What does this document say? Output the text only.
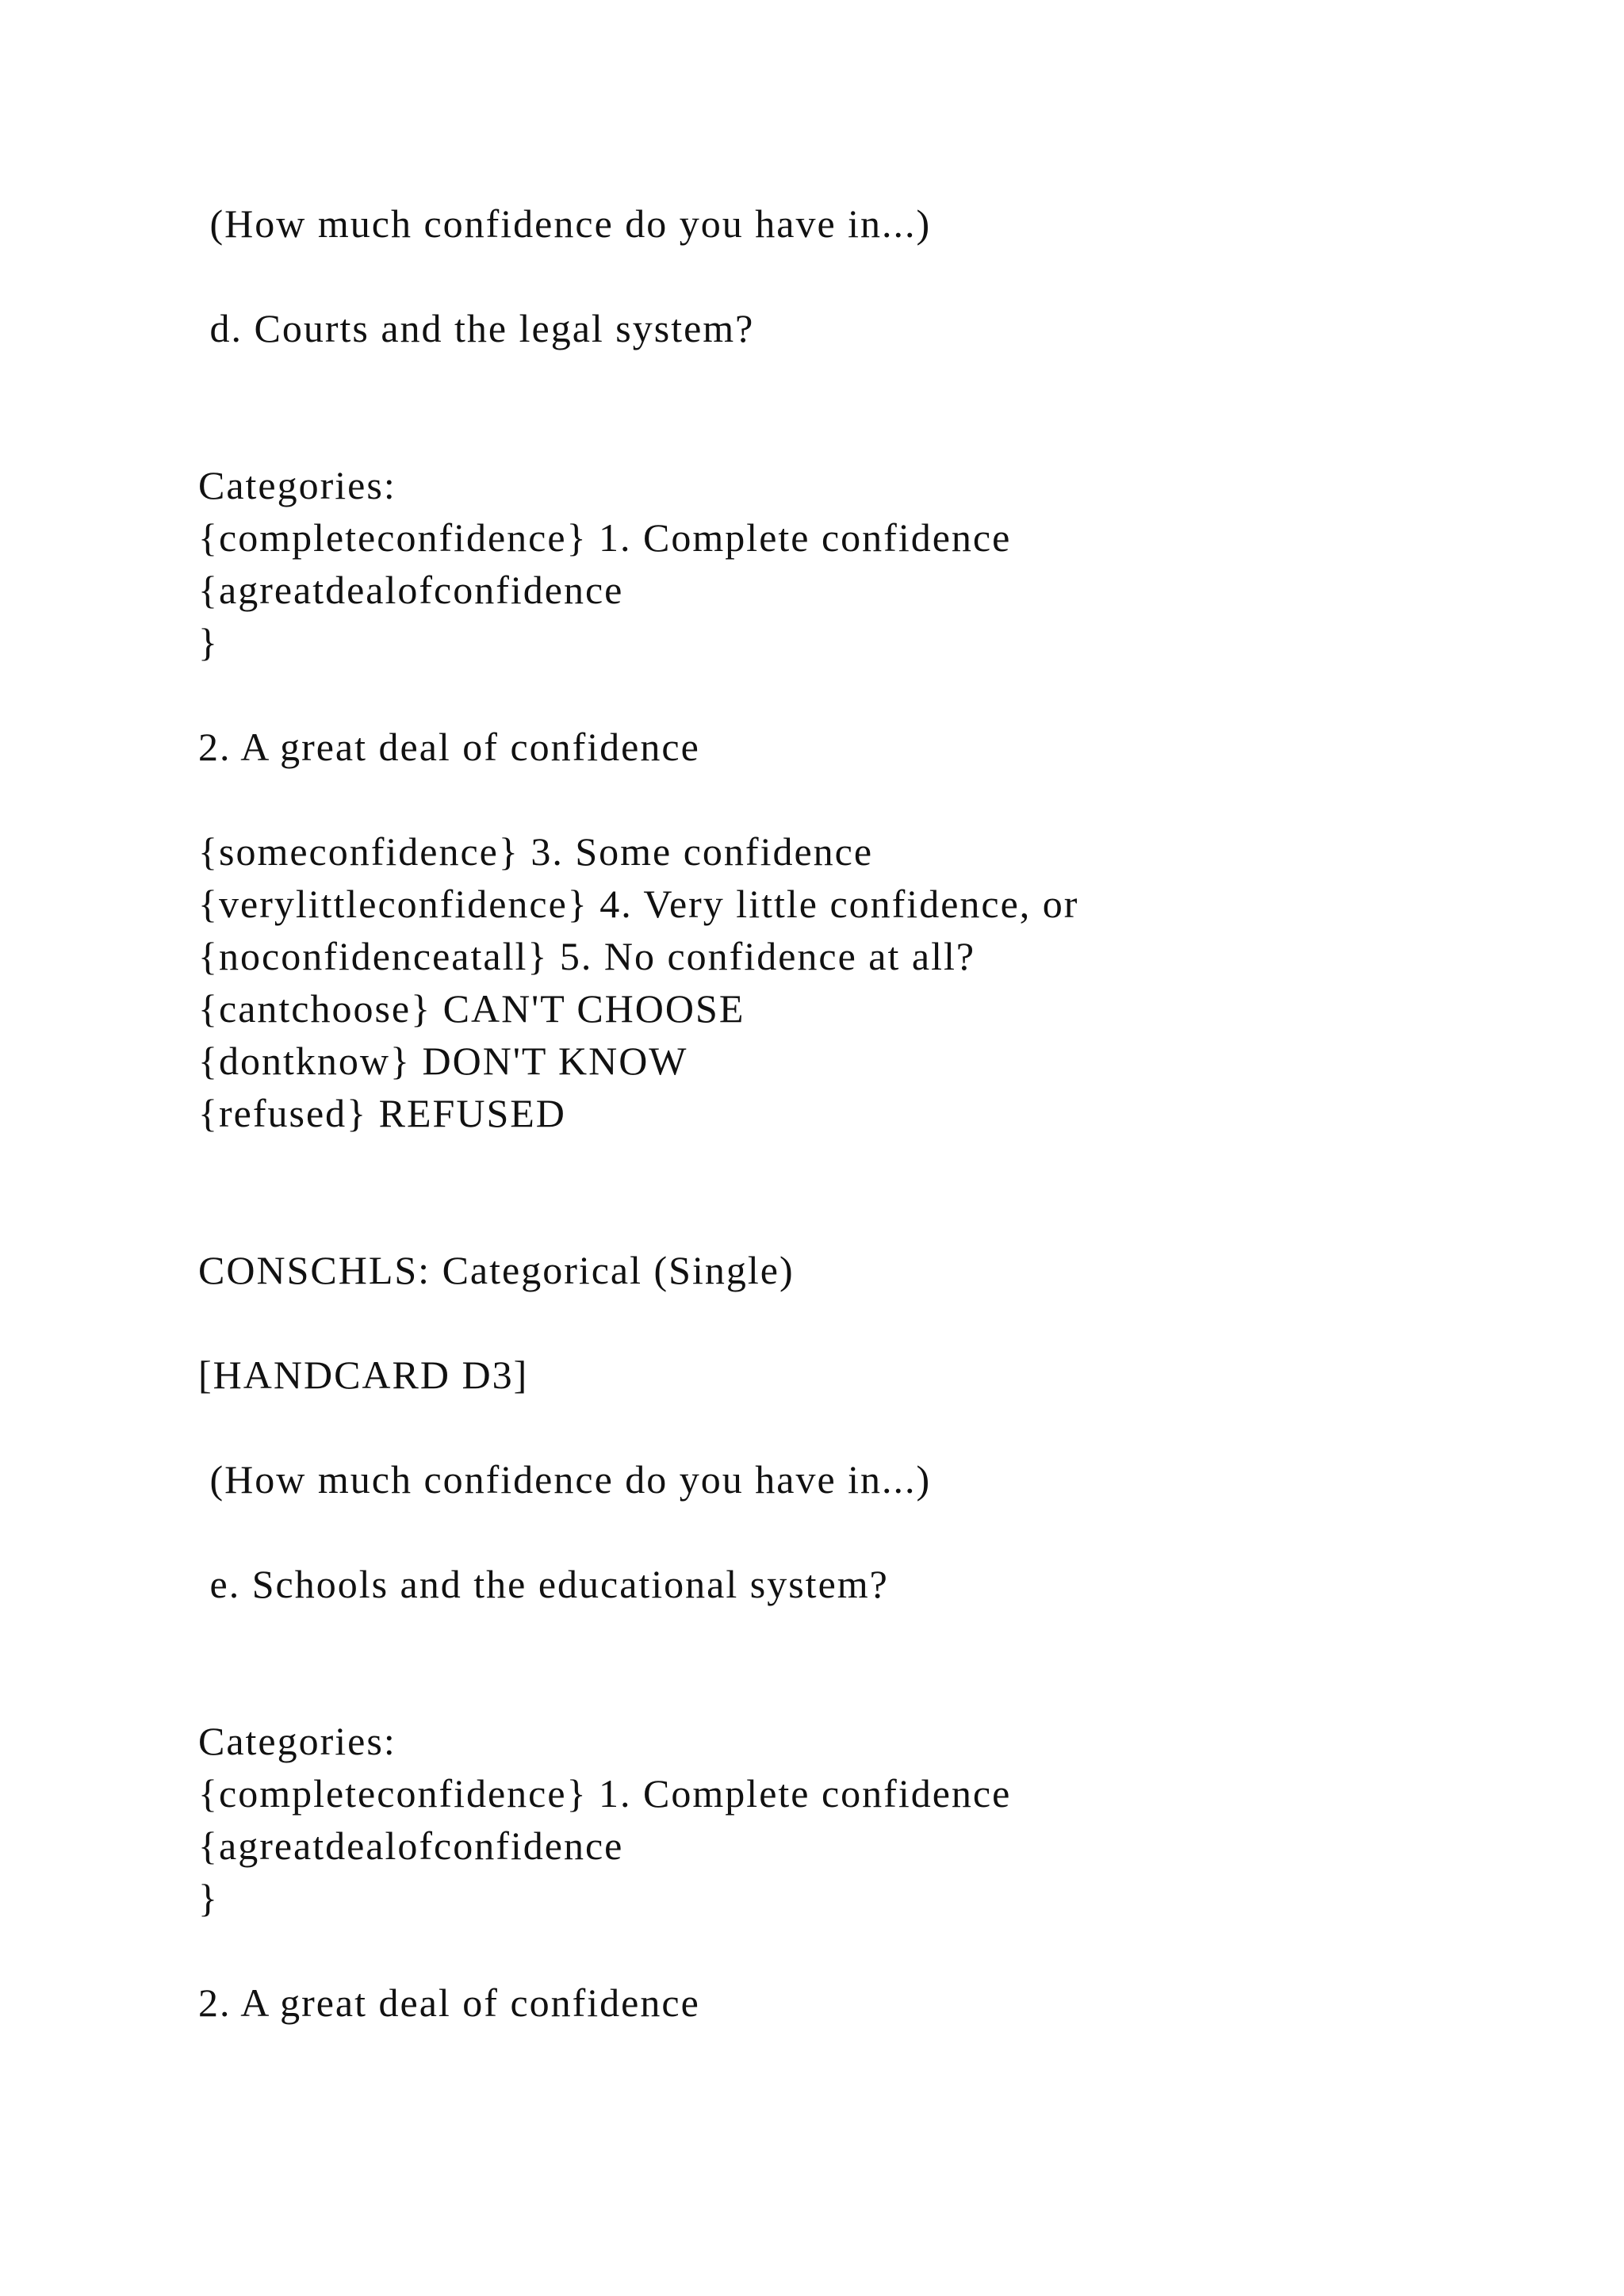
(How much confidence do you have in...)
d. Courts and the legal system?
Categories:
{completeconfidence} 1. Complete confidence
{agreatdealofconfidence
}
2. A great deal of confidence
{someconfidence} 3. Some confidence
{verylittleconfidence} 4. Very little confidence, or
{noconfidenceatall} 5. No confidence at all?
{cantchoose} CAN'T CHOOSE
{dontknow} DON'T KNOW
{refused} REFUSED
CONSCHLS: Categorical (Single)
[HANDCARD D3]
(How much confidence do you have in...)
e. Schools and the educational system?
Categories:
{completeconfidence} 1. Complete confidence
{agreatdealofconfidence
}
2. A great deal of confidence
